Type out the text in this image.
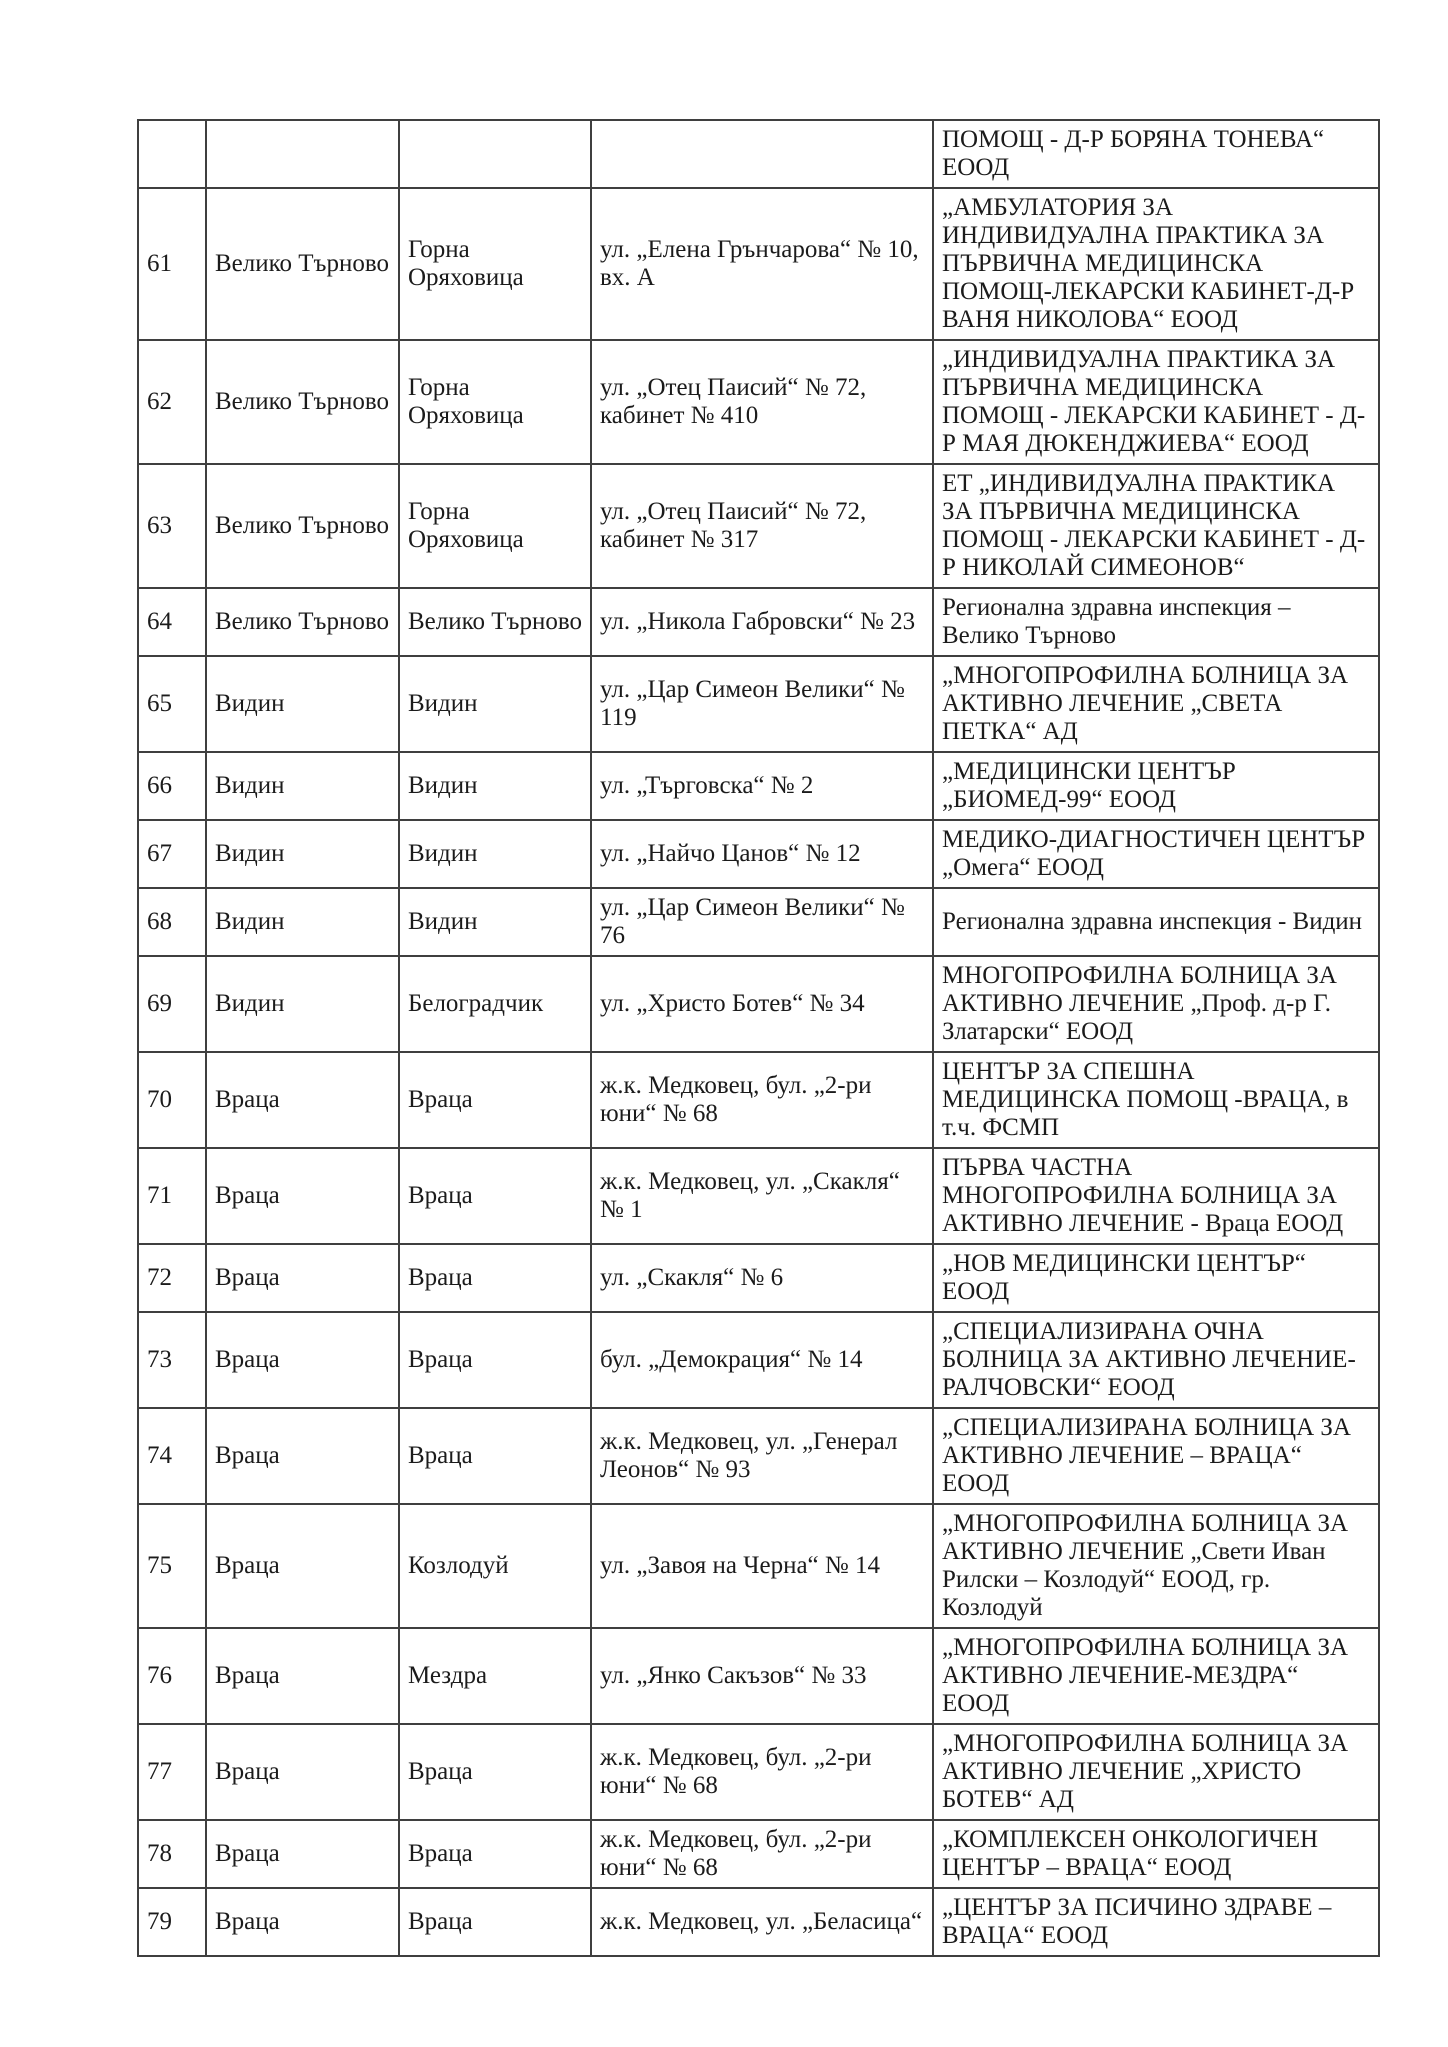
				ПОМОЩ - Д-Р БОРЯНА ТОНЕВА“ ЕООД
61	Велико Търново	Горна Оряховица	ул. „Елена Грънчарова“ № 10, вх. А	„АМБУЛАТОРИЯ ЗА ИНДИВИДУАЛНА ПРАКТИКА ЗА ПЪРВИЧНА МЕДИЦИНСКА ПОМОЩ-ЛЕКАРСКИ КАБИНЕТ-Д-Р ВАНЯ НИКОЛОВА“ ЕООД
62	Велико Търново	Горна Оряховица	ул. „Отец Паисий“ № 72, кабинет № 410	„ИНДИВИДУАЛНА ПРАКТИКА ЗА ПЪРВИЧНА МЕДИЦИНСКА ПОМОЩ - ЛЕКАРСКИ КАБИНЕТ - Д-Р МАЯ ДЮКЕНДЖИЕВА“ ЕООД
63	Велико Търново	Горна Оряховица	ул. „Отец Паисий“ № 72, кабинет № 317	ЕТ „ИНДИВИДУАЛНА ПРАКТИКА ЗА ПЪРВИЧНА МЕДИЦИНСКА ПОМОЩ - ЛЕКАРСКИ КАБИНЕТ - Д-Р НИКОЛАЙ СИМЕОНОВ“
64	Велико Търново	Велико Търново	ул. „Никола Габровски“ № 23	Регионална здравна инспекция – Велико Търново
65	Видин	Видин	ул. „Цар Симеон Велики“ № 119	„МНОГОПРОФИЛНА БОЛНИЦА ЗА АКТИВНО ЛЕЧЕНИЕ „СВЕТА ПЕТКА“ АД
66	Видин	Видин	ул. „Търговска“ № 2	„МЕДИЦИНСКИ ЦЕНТЪР „БИОМЕД-99“ ЕООД
67	Видин	Видин	ул. „Найчо Цанов“ № 12	МЕДИКО-ДИАГНОСТИЧЕН ЦЕНТЪР „Омега“ ЕООД
68	Видин	Видин	ул. „Цар Симеон Велики“ № 76	Регионална здравна инспекция - Видин
69	Видин	Белоградчик	ул. „Христо Ботев“ № 34	МНОГОПРОФИЛНА БОЛНИЦА ЗА АКТИВНО ЛЕЧЕНИЕ „Проф. д-р Г. Златарски“ ЕООД
70	Враца	Враца	ж.к. Медковец, бул. „2-ри юни“ № 68	ЦЕНТЪР ЗА СПЕШНА МЕДИЦИНСКА ПОМОЩ -ВРАЦА, в т.ч. ФСМП
71	Враца	Враца	ж.к. Медковец, ул. „Скакля“ № 1	ПЪРВА ЧАСТНА МНОГОПРОФИЛНА БОЛНИЦА ЗА АКТИВНО ЛЕЧЕНИЕ - Враца ЕООД
72	Враца	Враца	ул. „Скакля“ № 6	„НОВ МЕДИЦИНСКИ ЦЕНТЪР“ ЕООД
73	Враца	Враца	бул. „Демокрация“ № 14	„СПЕЦИАЛИЗИРАНА ОЧНА БОЛНИЦА ЗА АКТИВНО ЛЕЧЕНИЕ-РАЛЧОВСКИ“ ЕООД
74	Враца	Враца	ж.к. Медковец, ул. „Генерал Леонов“ № 93	„СПЕЦИАЛИЗИРАНА БОЛНИЦА ЗА АКТИВНО ЛЕЧЕНИЕ – ВРАЦА“ ЕООД
75	Враца	Козлодуй	ул. „Завоя на Черна“ № 14	„МНОГОПРОФИЛНА БОЛНИЦА ЗА АКТИВНО ЛЕЧЕНИЕ „Свети Иван Рилски – Козлодуй“ ЕООД, гр. Козлодуй
76	Враца	Мездра	ул. „Янко Сакъзов“ № 33	„МНОГОПРОФИЛНА БОЛНИЦА ЗА АКТИВНО ЛЕЧЕНИЕ-МЕЗДРА“ ЕООД
77	Враца	Враца	ж.к. Медковец, бул. „2-ри юни“ № 68	„МНОГОПРОФИЛНА БОЛНИЦА ЗА АКТИВНО ЛЕЧЕНИЕ „ХРИСТО БОТЕВ“ АД
78	Враца	Враца	ж.к. Медковец, бул. „2-ри юни“ № 68	„КОМПЛЕКСЕН ОНКОЛОГИЧЕН ЦЕНТЪР – ВРАЦА“ ЕООД
79	Враца	Враца	ж.к. Медковец, ул. „Беласица“	„ЦЕНТЪР ЗА ПСИЧИНО ЗДРАВЕ – ВРАЦА“ ЕООД
